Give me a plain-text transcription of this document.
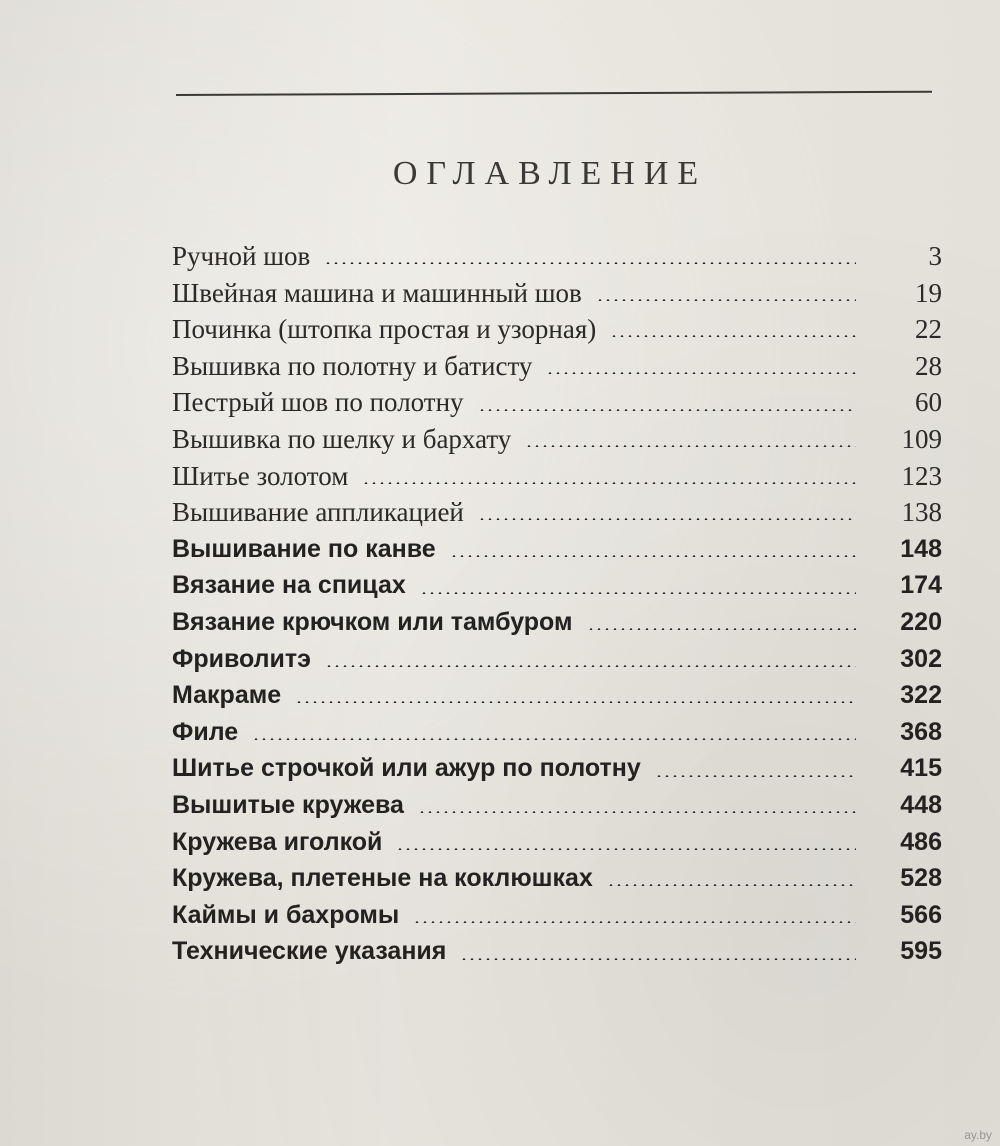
ОГЛАВЛЕНИЕ
Ручной шов	3
Швейная машина и машинный шов	19
Починка (штопка простая и узорная)	22
Вышивка по полотну и батисту	28
Пестрый шов по полотну	60
Вышивка по шелку и бархату	109
Шитье золотом	123
Вышивание аппликацией	138
Вышивание по канве	148
Вязание на спицах	174
Вязание крючком или тамбуром	220
Фриволитэ	302
Макраме	322
Филе	368
Шитье строчкой или ажур по полотну	415
Вышитые кружева	448
Кружева иголкой	486
Кружева, плетеные на коклюшках	528
Каймы и бахромы	566
Технические указания	595
ay.by
